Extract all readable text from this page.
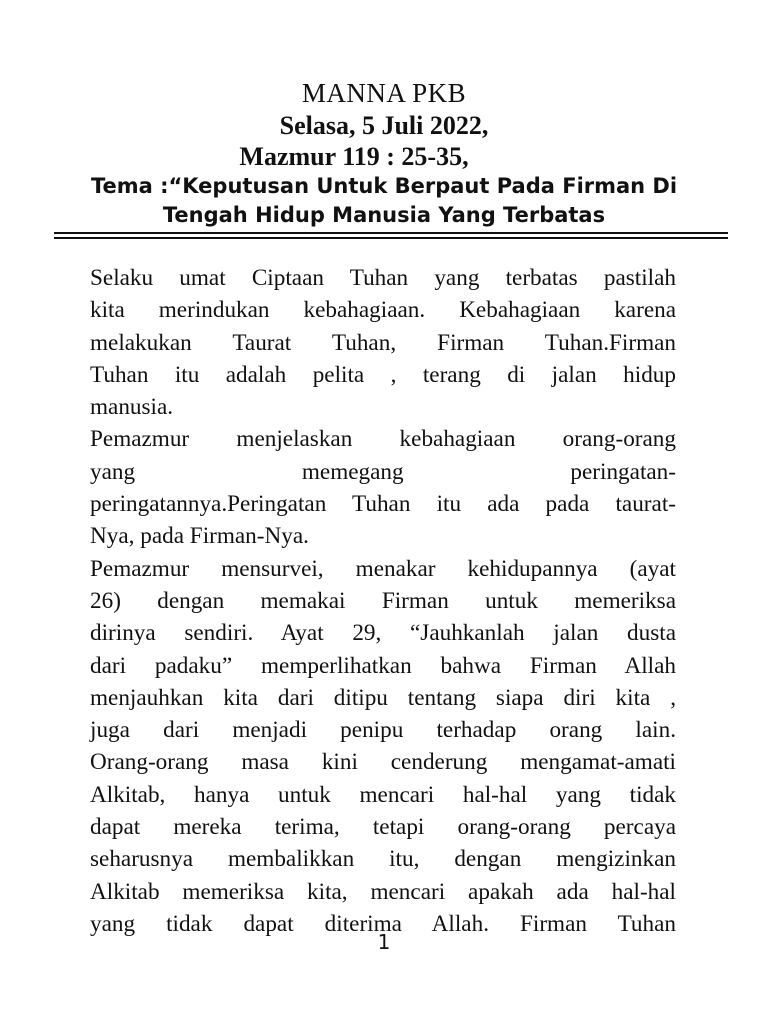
MANNA PKB
Selasa, 5 Juli 2022,
Mazmur 119 : 25-35,
Tema :“Keputusan Untuk Berpaut Pada Firman Di
Tengah Hidup Manusia Yang Terbatas
Selaku umat Ciptaan Tuhan yang terbatas pastilah
kita merindukan kebahagiaan. Kebahagiaan karena
melakukan Taurat Tuhan, Firman Tuhan.Firman
Tuhan itu adalah pelita , terang di jalan hidup
manusia.
Pemazmur menjelaskan kebahagiaan orang-orang
yang memegang peringatan-
peringatannya.Peringatan Tuhan itu ada pada taurat-
Nya, pada Firman-Nya.
Pemazmur mensurvei, menakar kehidupannya (ayat
26) dengan memakai Firman untuk memeriksa
dirinya sendiri. Ayat 29, “Jauhkanlah jalan dusta
dari padaku” memperlihatkan bahwa Firman Allah
menjauhkan kita dari ditipu tentang siapa diri kita ,
juga dari menjadi penipu terhadap orang lain.
Orang-orang masa kini cenderung mengamat-amati
Alkitab, hanya untuk mencari hal-hal yang tidak
dapat mereka terima, tetapi orang-orang percaya
seharusnya membalikkan itu, dengan mengizinkan
Alkitab memeriksa kita, mencari apakah ada hal-hal
yang tidak dapat diterima Allah. Firman Tuhan
1
